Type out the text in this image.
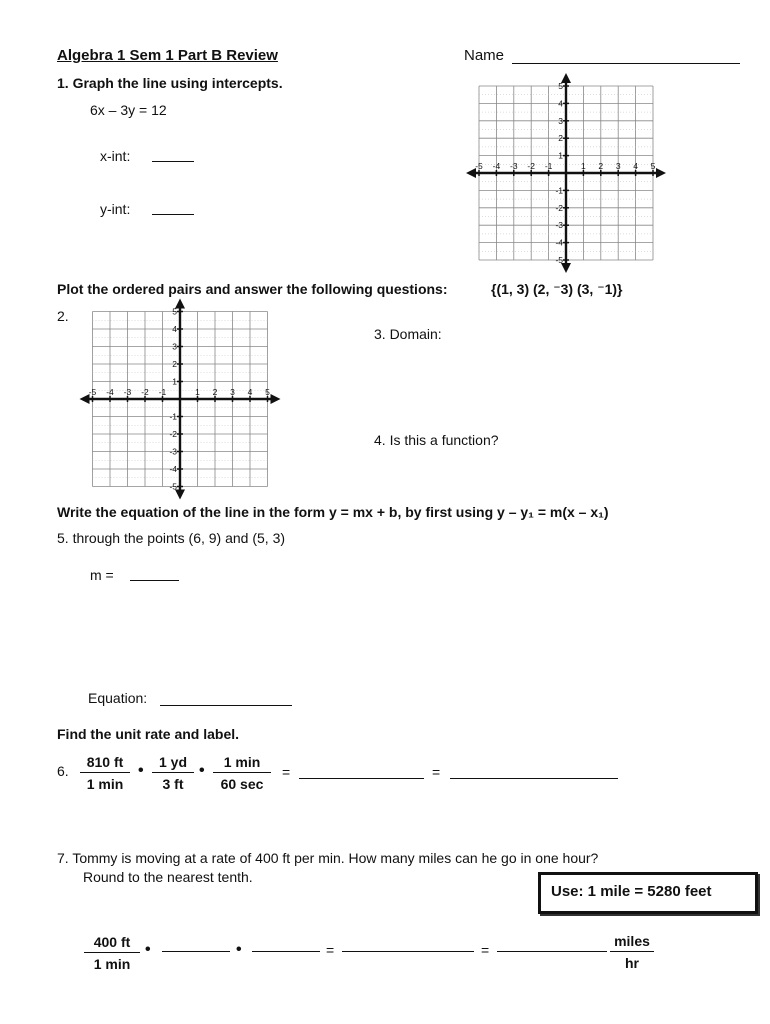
Algebra 1 Sem 1 Part B Review	Name
1. Graph the line using intercepts.
6x – 3y = 12
x-int:
y-int:
-5 -4 -3 -2 -1	1 2 3 4 5
5
4
3
2
1
-1
-2
-3
-4
-5
-5 -4 -3 -2 -1	1 2 3 4 5
5
4
3
2
1
-1
-2
-3
-4
-5
Plot the ordered pairs and answer the following questions:	{(1, 3) (2, ⁻3) (3, ⁻1)}
2.
3. Domain:
4. Is this a function?
Write the equation of the line in the form y = mx + b, by first using y – y₁ = m(x – x₁)
5. through the points (6, 9) and (5, 3)
m =
Equation:
Find the unit rate and label.
6.
810 ft
1 min
• $\frac{1 yd}{3 ft}$ •	1 min
60 sec
=	=
7. Tommy is moving at a rate of 400 ft per min. How many miles can he go in one hour?
Round to the nearest tenth.
Use: 1 mile = 5280 feet
400 ft
1 min
•	•	=	=
miles
hr
